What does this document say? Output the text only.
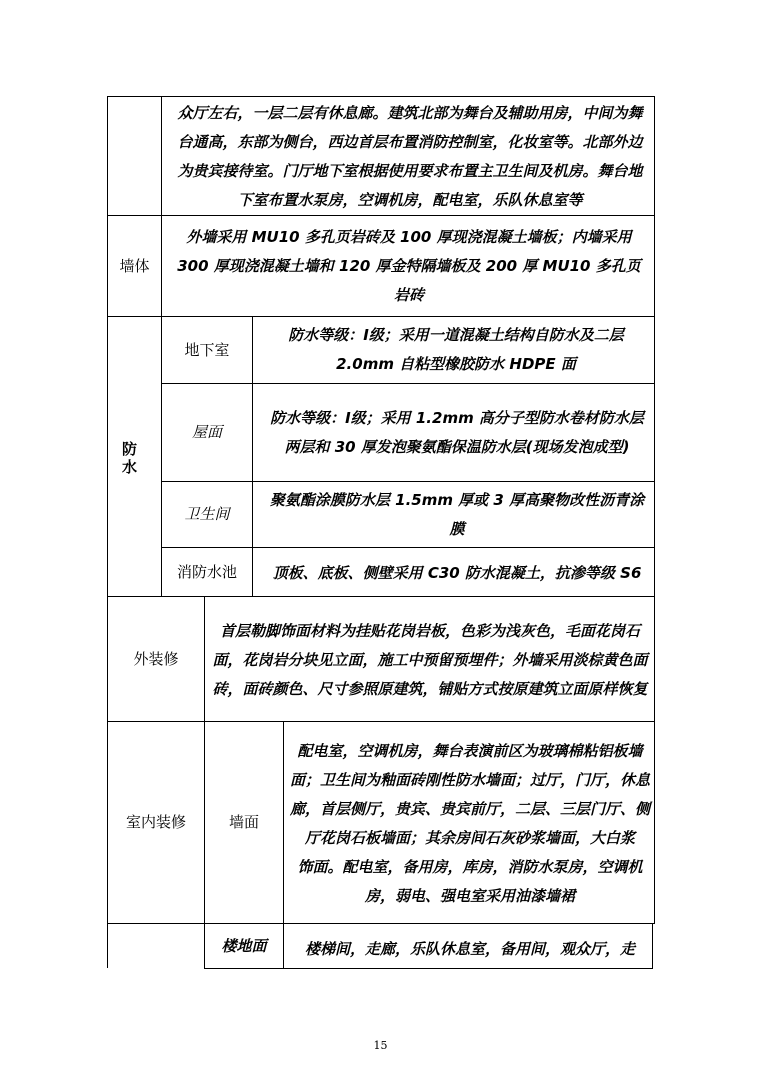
众厅左右，一层二层有休息廊。建筑北部为舞台及辅助用房，中间为舞台通高，东部为侧台，西边首层布置消防控制室，化妆室等。北部外边为贵宾接待室。门厅地下室根据使用要求布置主卫生间及机房。舞台地下室布置水泵房，空调机房，配电室，乐队休息室等
墙体
外墙采用 MU10 多孔页岩砖及 100 厚现浇混凝土墙板；内墙采用 300 厚现浇混凝土墙和 120 厚金特隔墙板及 200 厚 MU10 多孔页岩砖
防水
地下室
防水等级：Ⅰ级；采用一道混凝土结构自防水及二层 2.0mm 自粘型橡胶防水 HDPE 面
屋面
防水等级：Ⅰ级；采用 1.2mm 高分子型防水卷材防水层两层和 30 厚发泡聚氨酯保温防水层(现场发泡成型)
卫生间
聚氨酯涂膜防水层 1.5mm 厚或 3 厚高聚物改性沥青涂膜
消防水池 顶板、底板、侧壁采用 C30 防水混凝土，抗渗等级 S6
外装修
首层勒脚饰面材料为挂贴花岗岩板，色彩为浅灰色，毛面花岗石面，花岗岩分块见立面，施工中预留预埋件；外墙采用淡棕黄色面砖，面砖颜色、尺寸参照原建筑，铺贴方式按原建筑立面原样恢复
室内装修	墙面
配电室，空调机房，舞台表演前区为玻璃棉粘铝板墙面；卫生间为釉面砖刚性防水墙面；过厅，门厅，休息廊，首层侧厅，贵宾、贵宾前厅，二层、三层门厅、侧厅花岗石板墙面；其余房间石灰砂浆墙面，大白浆
饰面。配电室，备用房，库房，消防水泵房，空调机房，弱电、强电室采用油漆墙裙
楼地面	楼梯间，走廊，乐队休息室，备用间，观众厅，走
15
